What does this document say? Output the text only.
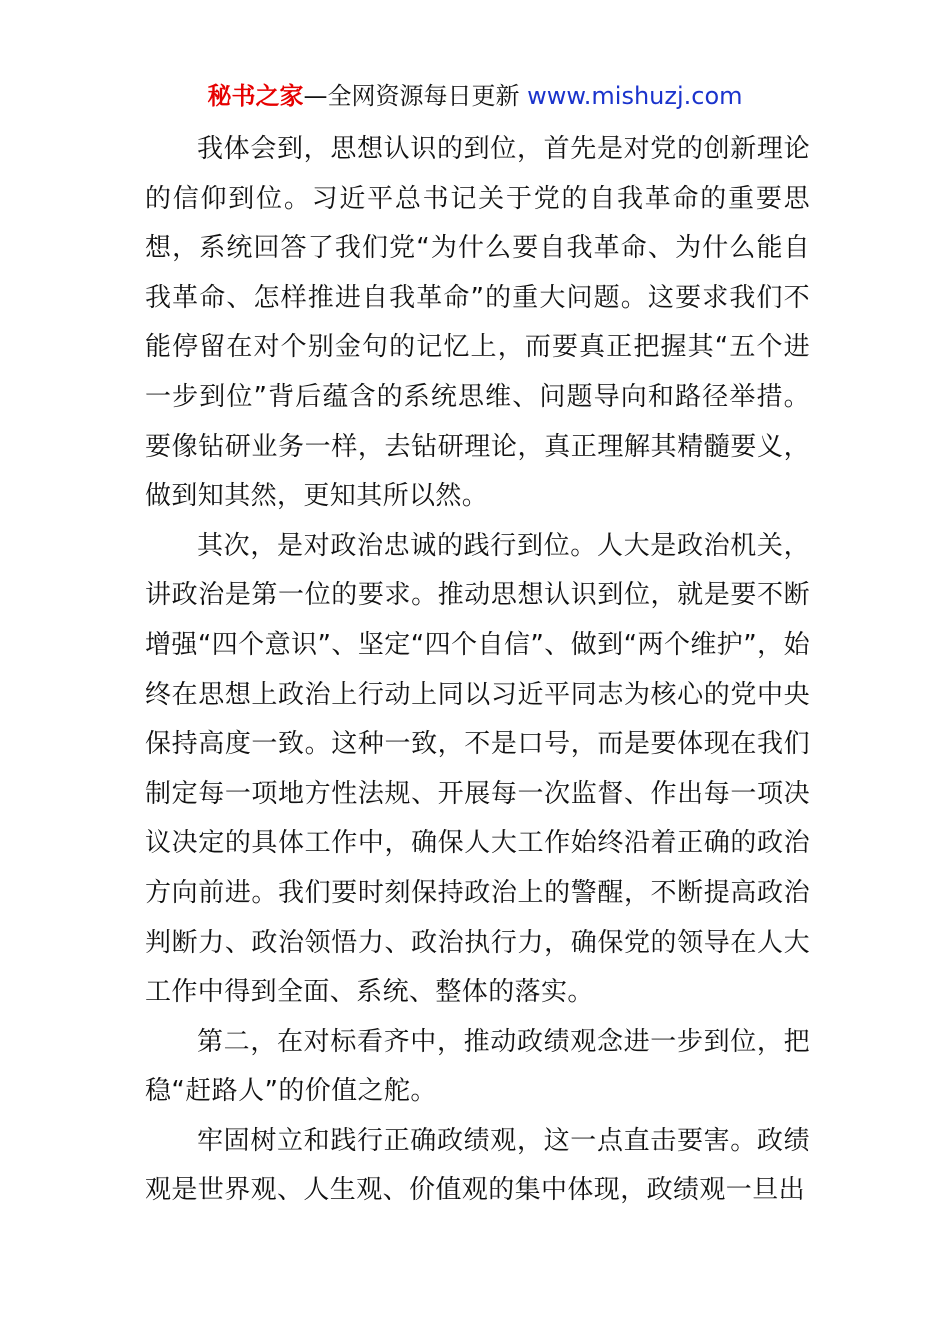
秘书之家—全网资源每日更新 www.mishuzj.com

我体会到，思想认识的到位，首先是对党的创新理论的信仰到位。习近平总书记关于党的自我革命的重要思想，系统回答了我们党“为什么要自我革命、为什么能自我革命、怎样推进自我革命”的重大问题。这要求我们不能停留在对个别金句的记忆上，而要真正把握其“五个进一步到位”背后蕴含的系统思维、问题导向和路径举措。要像钻研业务一样，去钻研理论，真正理解其精髓要义，做到知其然，更知其所以然。

其次，是对政治忠诚的践行到位。人大是政治机关，讲政治是第一位的要求。推动思想认识到位，就是要不断增强“四个意识”、坚定“四个自信”、做到“两个维护”，始终在思想上政治上行动上同以习近平同志为核心的党中央保持高度一致。这种一致，不是口号，而是要体现在我们制定每一项地方性法规、开展每一次监督、作出每一项决议决定的具体工作中，确保人大工作始终沿着正确的政治方向前进。我们要时刻保持政治上的警醒，不断提高政治判断力、政治领悟力、政治执行力，确保党的领导在人大工作中得到全面、系统、整体的落实。

第二，在对标看齐中，推动政绩观念进一步到位，把稳“赶路人”的价值之舵。

牢固树立和践行正确政绩观，这一点直击要害。政绩观是世界观、人生观、价值观的集中体现，政绩观一旦出
